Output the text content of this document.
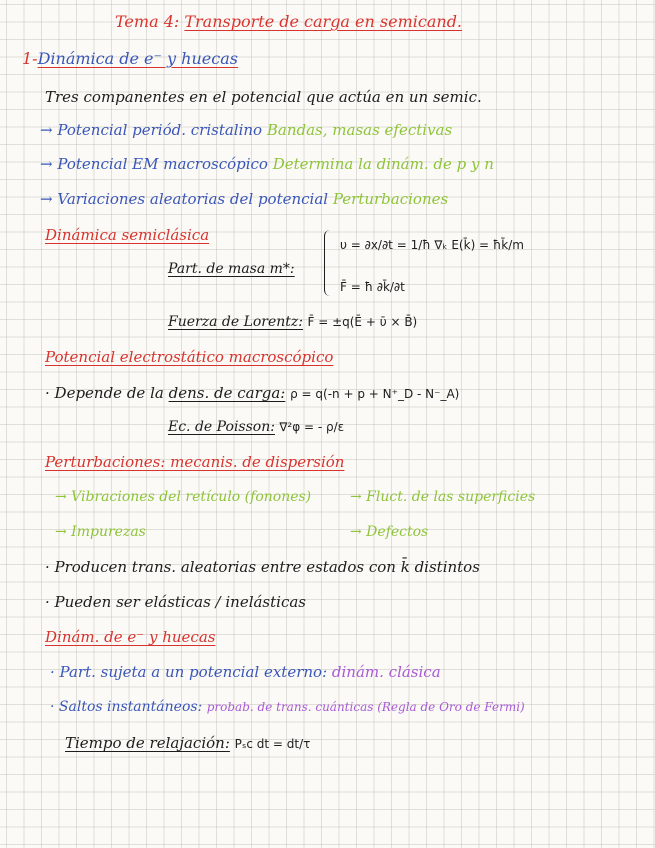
Tema 4: Transporte de carga en semicand.
1-Dinámica de e⁻ y huecas
Tres companentes en el potencial que actúa en un semic.
→ Potencial periód. cristalino Bandas, masas efectivas
→ Potencial EM macroscópico Determina la dinám. de p y n
→ Variaciones aleatorias del potencial Perturbaciones
Dinámica semiclásica
Part. de masa m*:
υ = ∂x/∂t = 1/ħ ∇ₖ E(k̄) = ħk̄/m
F̄ = ħ ∂k̄/∂t
Fuerza de Lorentz: F̄ = ±q(Ē + ῡ × B̄)
Potencial electrostático macroscópico
· Depende de la dens. de carga: ρ = q(-n + p + N⁺_D - N⁻_A)
Ec. de Poisson: ∇²φ = - ρ/ε
Perturbaciones: mecanis. de dispersión
→ Vibraciones del retículo (fonones)	→ Fluct. de las superficies
→ Impurezas	→ Defectos
· Producen trans. aleatorias entre estados con k̄ distintos
· Pueden ser elásticas / inelásticas
Dinám. de e⁻ y huecas
· Part. sujeta a un potencial externo: dinám. clásica
· Saltos instantáneos: probab. de trans. cuánticas (Regla de Oro de Fermi)
Tiempo de relajación: Pₛc dt = dt/τ
